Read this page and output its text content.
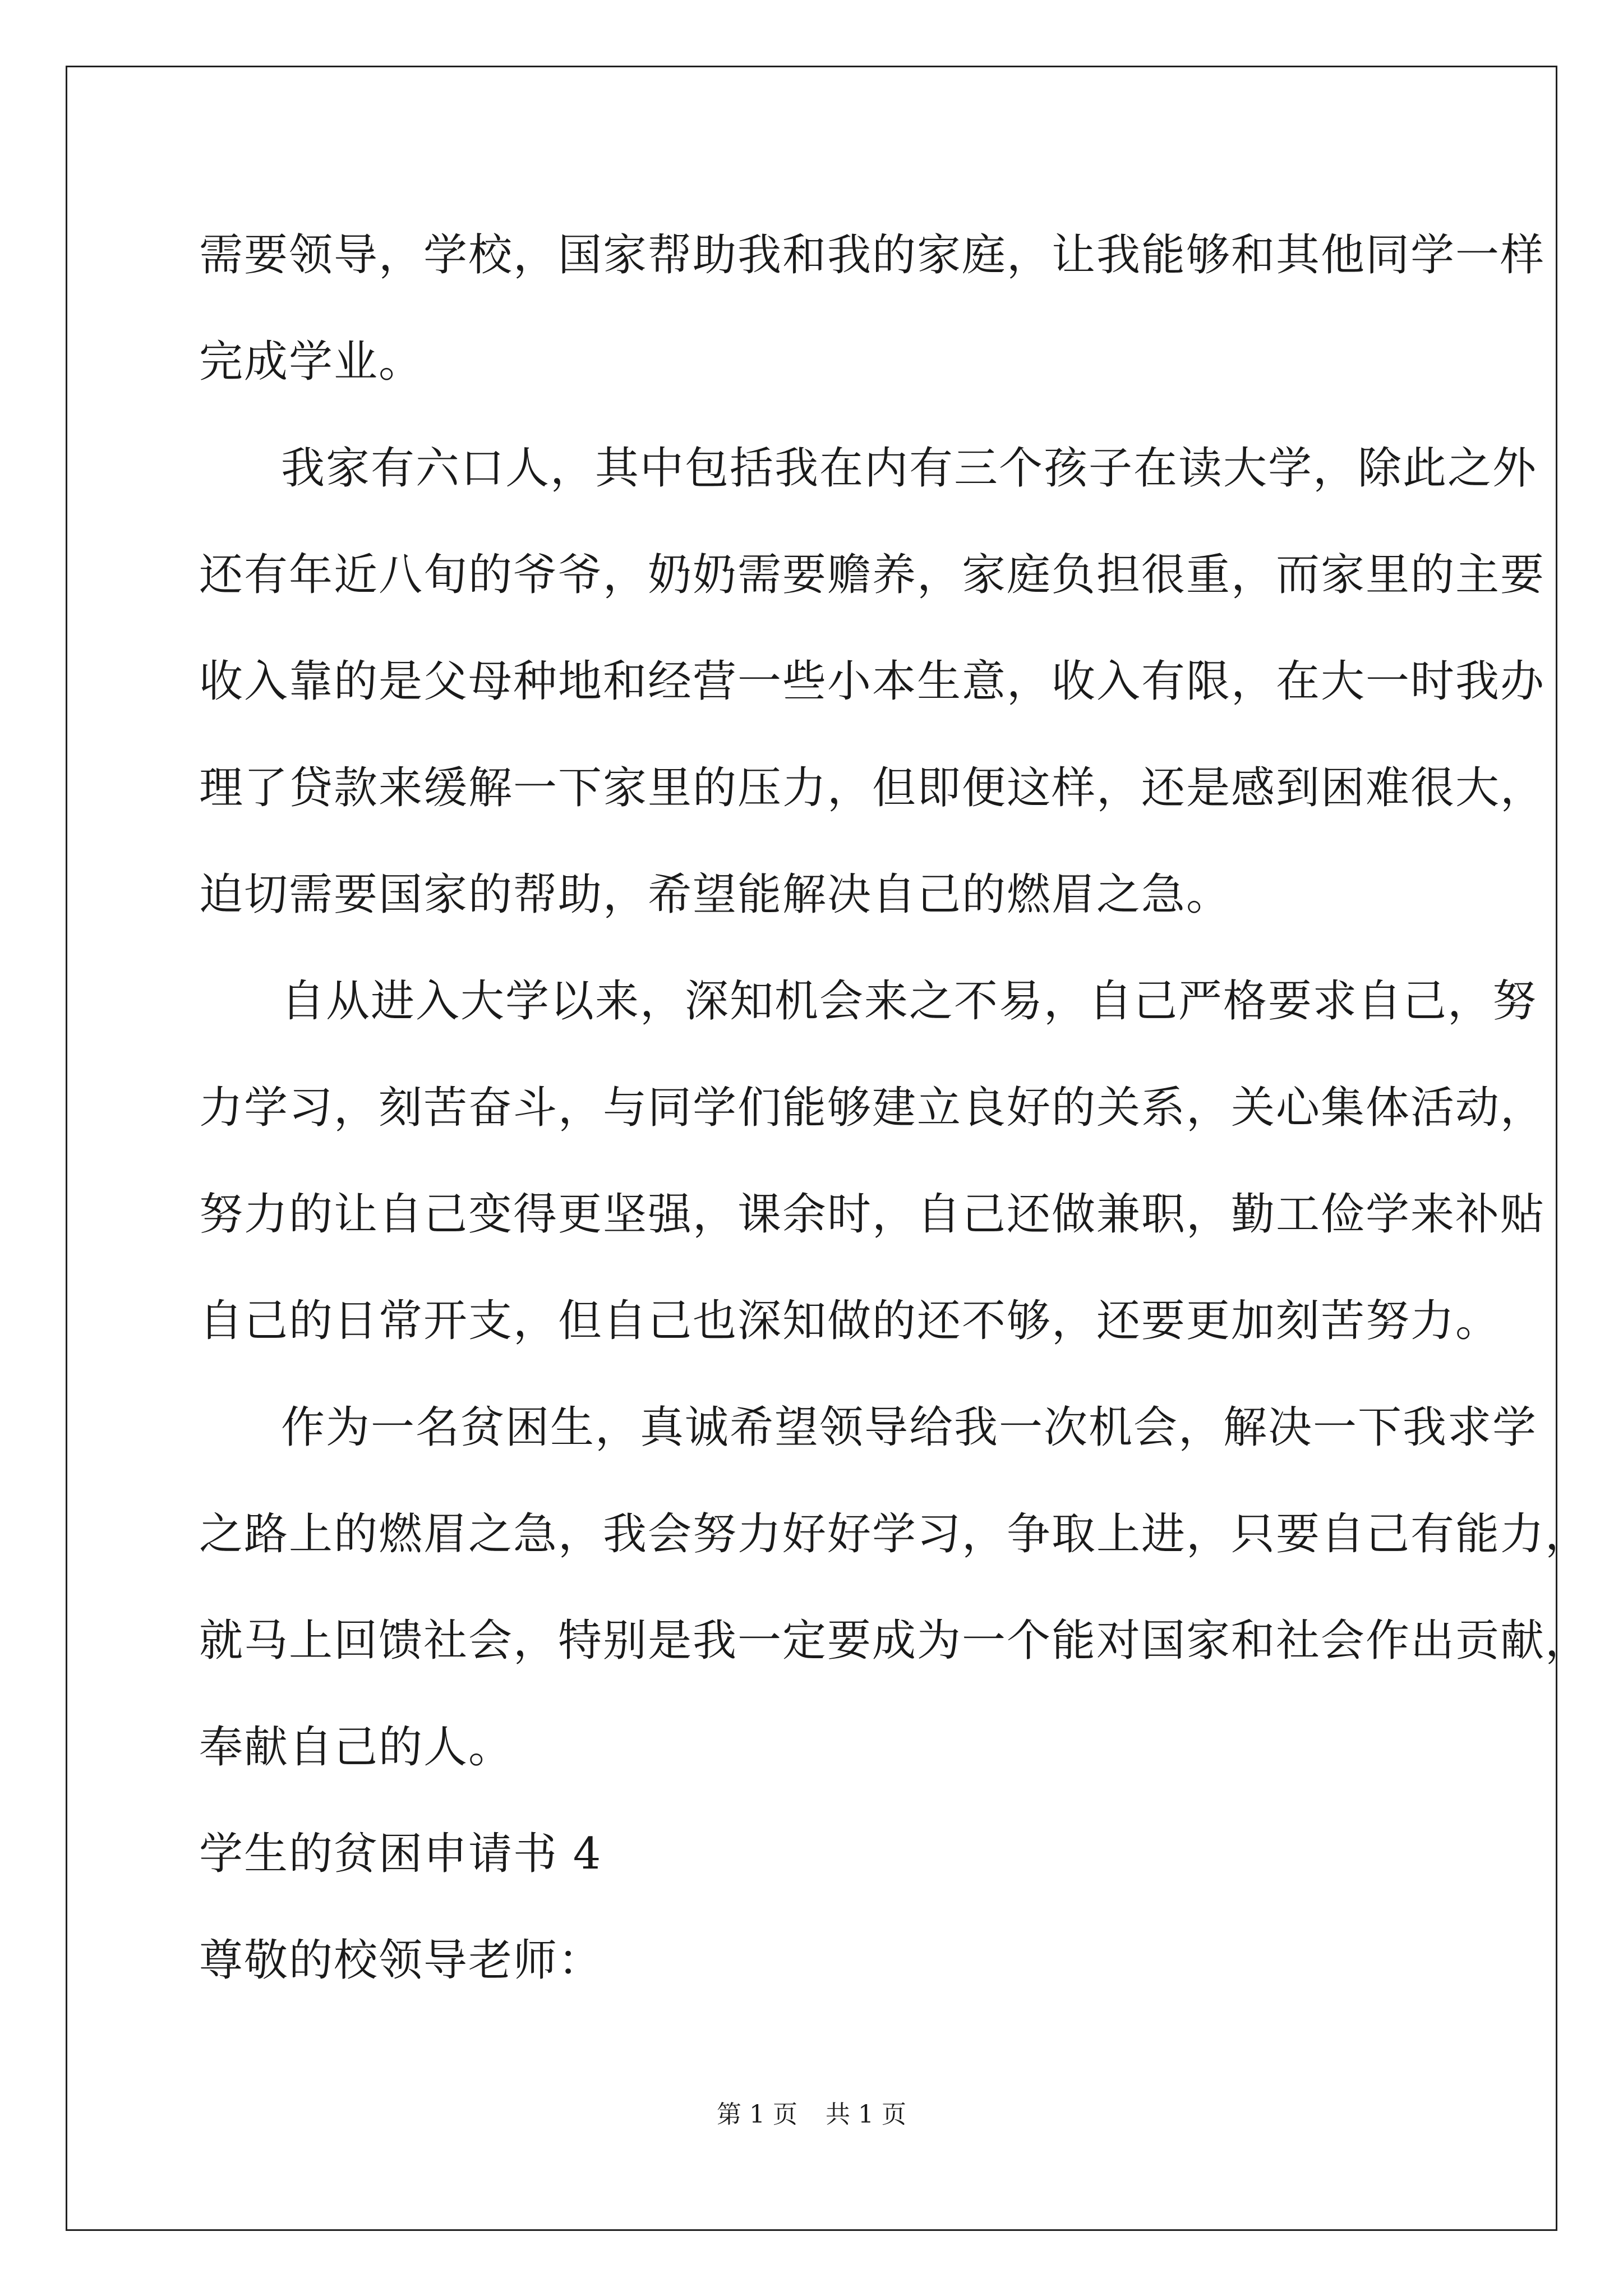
需要领导，学校，国家帮助我和我的家庭，让我能够和其他同学一样
完成学业。
我家有六口人，其中包括我在内有三个孩子在读大学，除此之外
还有年近八旬的爷爷，奶奶需要赡养，家庭负担很重，而家里的主要
收入靠的是父母种地和经营一些小本生意，收入有限，在大一时我办
理了贷款来缓解一下家里的压力，但即便这样，还是感到困难很大，
迫切需要国家的帮助，希望能解决自己的燃眉之急。
自从进入大学以来，深知机会来之不易，自己严格要求自己，努
力学习，刻苦奋斗，与同学们能够建立良好的关系，关心集体活动，
努力的让自己变得更坚强，课余时，自己还做兼职，勤工俭学来补贴
自己的日常开支，但自己也深知做的还不够，还要更加刻苦努力。
作为一名贫困生，真诚希望领导给我一次机会，解决一下我求学
之路上的燃眉之急，我会努力好好学习，争取上进，只要自己有能力，
就马上回馈社会，特别是我一定要成为一个能对国家和社会作出贡献，
奉献自己的人。
学生的贫困申请书 4
尊敬的校领导老师：
第 1 页 共 1 页
